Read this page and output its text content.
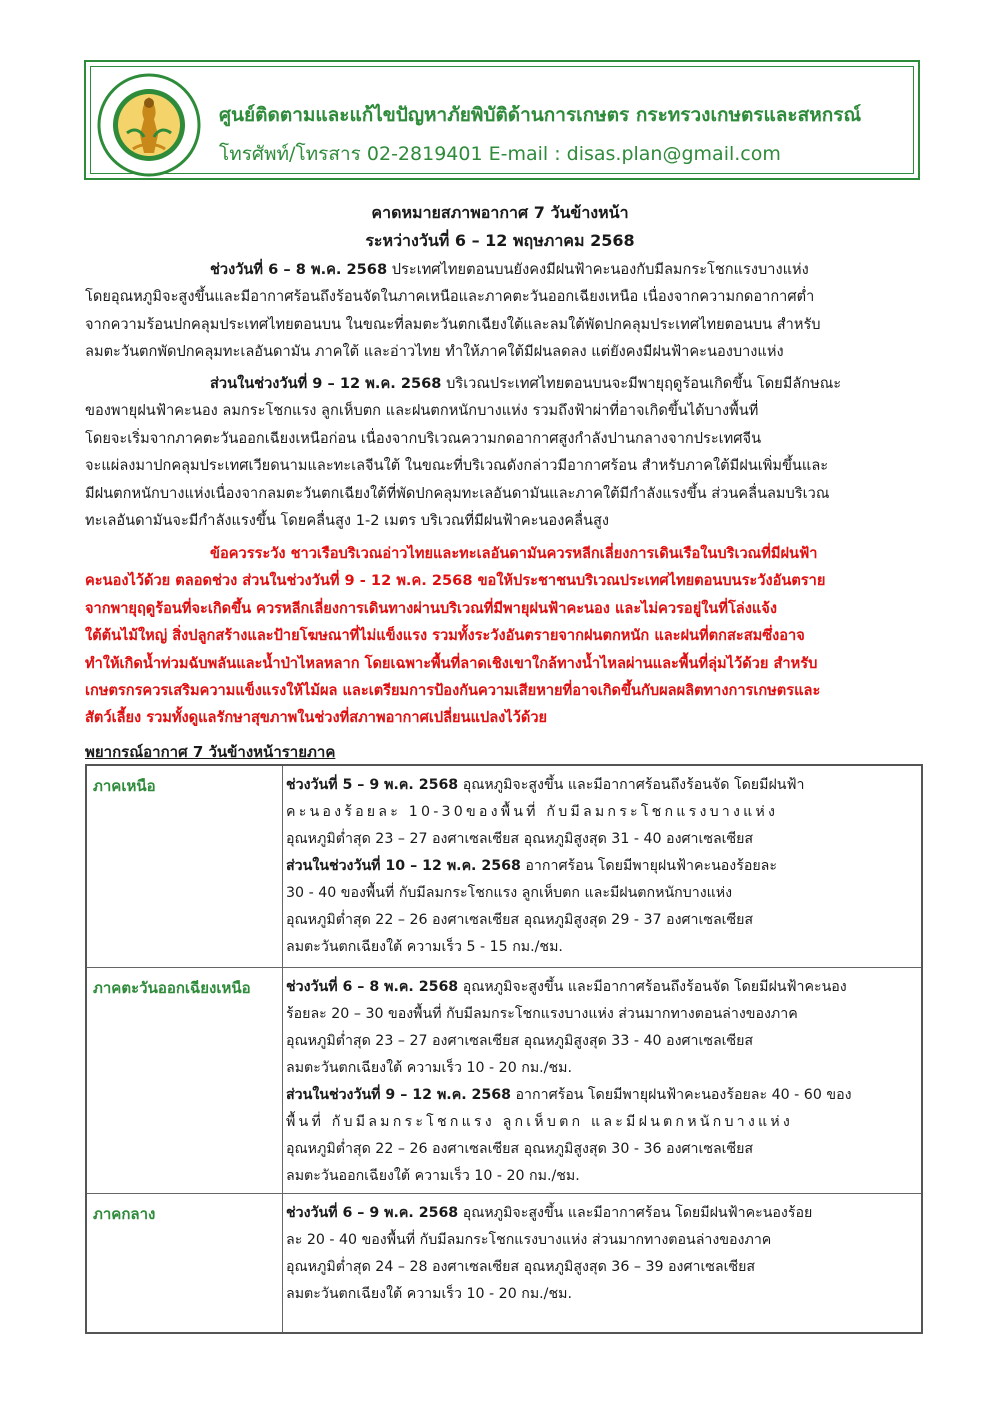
ศูนย์ติดตามและแก้ไขปัญหาภัยพิบัติด้านการเกษตร กระทรวงเกษตรและสหกรณ์
โทรศัพท์/โทรสาร 02-2819401 E-mail : disas.plan@gmail.com
คาดหมายสภาพอากาศ 7 วันข้างหน้า
ระหว่างวันที่ 6 – 12 พฤษภาคม 2568
ช่วงวันที่ 6 – 8 พ.ค. 2568 ประเทศไทยตอนบนยังคงมีฝนฟ้าคะนองกับมีลมกระโชกแรงบางแห่ง
โดยอุณหภูมิจะสูงขึ้นและมีอากาศร้อนถึงร้อนจัดในภาคเหนือและภาคตะวันออกเฉียงเหนือ เนื่องจากความกดอากาศต่ำ
จากความร้อนปกคลุมประเทศไทยตอนบน ในขณะที่ลมตะวันตกเฉียงใต้และลมใต้พัดปกคลุมประเทศไทยตอนบน สำหรับ
ลมตะวันตกพัดปกคลุมทะเลอันดามัน ภาคใต้ และอ่าวไทย ทำให้ภาคใต้มีฝนลดลง แต่ยังคงมีฝนฟ้าคะนองบางแห่ง
ส่วนในช่วงวันที่ 9 – 12 พ.ค. 2568 บริเวณประเทศไทยตอนบนจะมีพายุฤดูร้อนเกิดขึ้น โดยมีลักษณะ
ของพายุฝนฟ้าคะนอง ลมกระโชกแรง ลูกเห็บตก และฝนตกหนักบางแห่ง รวมถึงฟ้าผ่าที่อาจเกิดขึ้นได้บางพื้นที่
โดยจะเริ่มจากภาคตะวันออกเฉียงเหนือก่อน เนื่องจากบริเวณความกดอากาศสูงกำลังปานกลางจากประเทศจีน
จะแผ่ลงมาปกคลุมประเทศเวียดนามและทะเลจีนใต้ ในขณะที่บริเวณดังกล่าวมีอากาศร้อน สำหรับภาคใต้มีฝนเพิ่มขึ้นและ
มีฝนตกหนักบางแห่งเนื่องจากลมตะวันตกเฉียงใต้ที่พัดปกคลุมทะเลอันดามันและภาคใต้มีกำลังแรงขึ้น ส่วนคลื่นลมบริเวณ
ทะเลอันดามันจะมีกำลังแรงขึ้น โดยคลื่นสูง 1-2 เมตร บริเวณที่มีฝนฟ้าคะนองคลื่นสูง
ข้อควรระวัง ชาวเรือบริเวณอ่าวไทยและทะเลอันดามันควรหลีกเลี่ยงการเดินเรือในบริเวณที่มีฝนฟ้า
คะนองไว้ด้วย ตลอดช่วง ส่วนในช่วงวันที่ 9 - 12 พ.ค. 2568 ขอให้ประชาชนบริเวณประเทศไทยตอนบนระวังอันตราย
จากพายุฤดูร้อนที่จะเกิดขึ้น ควรหลีกเลี่ยงการเดินทางผ่านบริเวณที่มีพายุฝนฟ้าคะนอง และไม่ควรอยู่ในที่โล่งแจ้ง
ใต้ต้นไม้ใหญ่ สิ่งปลูกสร้างและป้ายโฆษณาที่ไม่แข็งแรง รวมทั้งระวังอันตรายจากฝนตกหนัก และฝนที่ตกสะสมซึ่งอาจ
ทำให้เกิดน้ำท่วมฉับพลันและน้ำป่าไหลหลาก โดยเฉพาะพื้นที่ลาดเชิงเขาใกล้ทางน้ำไหลผ่านและพื้นที่ลุ่มไว้ด้วย สำหรับ
เกษตรกรควรเสริมความแข็งแรงให้ไม้ผล และเตรียมการป้องกันความเสียหายที่อาจเกิดขึ้นกับผลผลิตทางการเกษตรและ
สัตว์เลี้ยง รวมทั้งดูแลรักษาสุขภาพในช่วงที่สภาพอากาศเปลี่ยนแปลงไว้ด้วย
พยากรณ์อากาศ 7 วันข้างหน้ารายภาค
ภาคเหนือ	ช่วงวันที่ 5 – 9 พ.ค. 2568 อุณหภูมิจะสูงขึ้น และมีอากาศร้อนถึงร้อนจัด โดยมีฝนฟ้า
คะนองร้อยละ 10-30ของพื้นที่ กับมีลมกระโชกแรงบางแห่ง
อุณหภูมิต่ำสุด 23 – 27 องศาเซลเซียส อุณหภูมิสูงสุด 31 - 40 องศาเซลเซียส
ส่วนในช่วงวันที่ 10 – 12 พ.ค. 2568 อากาศร้อน โดยมีพายุฝนฟ้าคะนองร้อยละ
30 - 40 ของพื้นที่ กับมีลมกระโชกแรง ลูกเห็บตก และมีฝนตกหนักบางแห่ง
อุณหภูมิต่ำสุด 22 – 26 องศาเซลเซียส อุณหภูมิสูงสุด 29 - 37 องศาเซลเซียส
ลมตะวันตกเฉียงใต้ ความเร็ว 5 - 15 กม./ชม.
ภาคตะวันออกเฉียงเหนือ	ช่วงวันที่ 6 – 8 พ.ค. 2568 อุณหภูมิจะสูงขึ้น และมีอากาศร้อนถึงร้อนจัด โดยมีฝนฟ้าคะนอง
ร้อยละ 20 – 30 ของพื้นที่ กับมีลมกระโชกแรงบางแห่ง ส่วนมากทางตอนล่างของภาค
อุณหภูมิต่ำสุด 23 – 27 องศาเซลเซียส อุณหภูมิสูงสุด 33 - 40 องศาเซลเซียส
ลมตะวันตกเฉียงใต้ ความเร็ว 10 - 20 กม./ชม.
ส่วนในช่วงวันที่ 9 – 12 พ.ค. 2568 อากาศร้อน โดยมีพายุฝนฟ้าคะนองร้อยละ 40 - 60 ของ
พื้นที่ กับมีลมกระโชกแรง ลูกเห็บตก และมีฝนตกหนักบางแห่ง
อุณหภูมิต่ำสุด 22 – 26 องศาเซลเซียส อุณหภูมิสูงสุด 30 - 36 องศาเซลเซียส
ลมตะวันออกเฉียงใต้ ความเร็ว 10 - 20 กม./ชม.
ภาคกลาง	ช่วงวันที่ 6 – 9 พ.ค. 2568 อุณหภูมิจะสูงขึ้น และมีอากาศร้อน โดยมีฝนฟ้าคะนองร้อย
ละ 20 - 40 ของพื้นที่ กับมีลมกระโชกแรงบางแห่ง ส่วนมากทางตอนล่างของภาค
อุณหภูมิต่ำสุด 24 – 28 องศาเซลเซียส อุณหภูมิสูงสุด 36 – 39 องศาเซลเซียส
ลมตะวันตกเฉียงใต้ ความเร็ว 10 - 20 กม./ชม.
